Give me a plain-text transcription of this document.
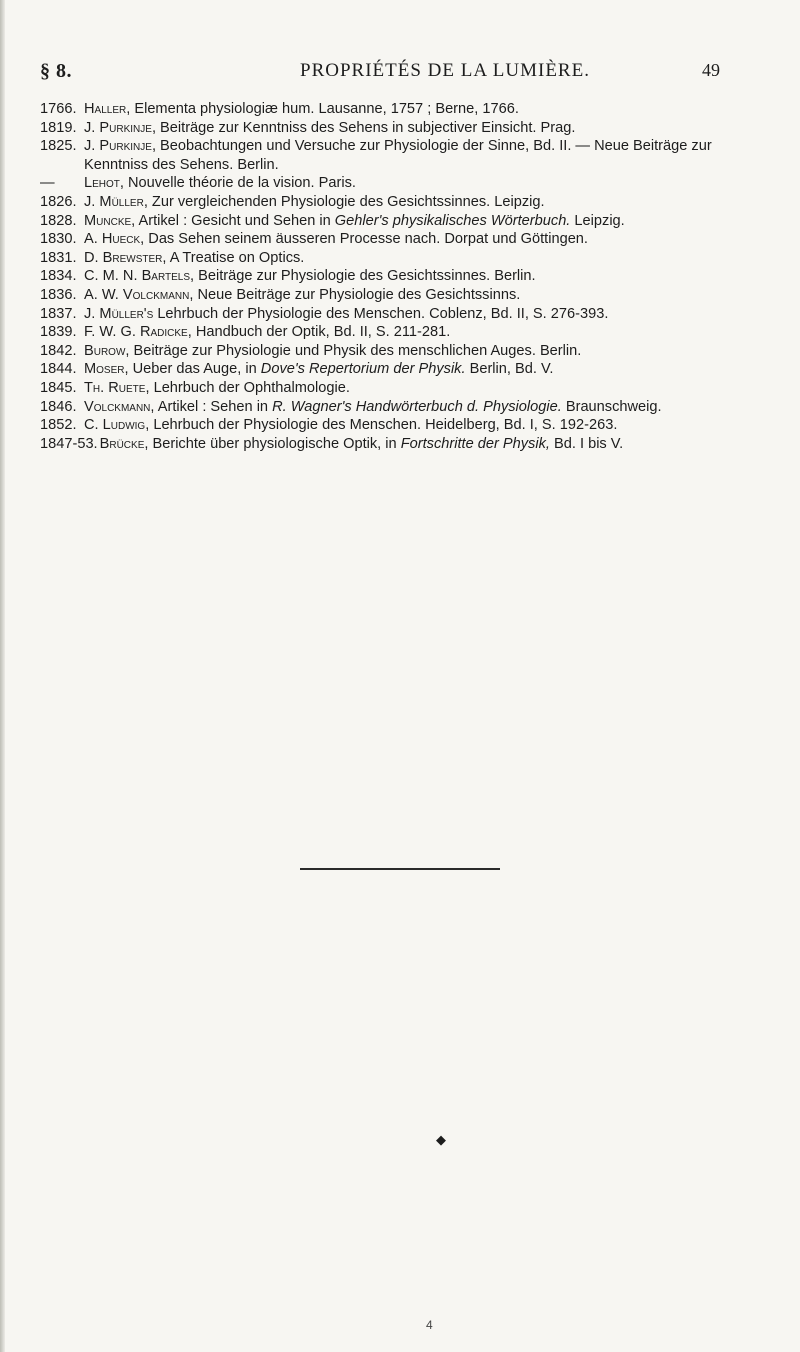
§ 8.	PROPRIÉTÉS DE LA LUMIÈRE.	49
1766. Haller, Elementa physiologiæ hum. Lausanne, 1757 ; Berne, 1766.
1819. J. Purkinje, Beiträge zur Kenntniss des Sehens in subjectiver Einsicht. Prag.
1825. J. Purkinje, Beobachtungen und Versuche zur Physiologie der Sinne, Bd. II. — Neue Beiträge zur Kenntniss des Sehens. Berlin.
—	Lehot, Nouvelle théorie de la vision. Paris.
1826. J. Müller, Zur vergleichenden Physiologie des Gesichtssinnes. Leipzig.
1828. Muncke, Artikel : Gesicht und Sehen in Gehler's physikalisches Wörterbuch. Leipzig.
1830. A. Hueck, Das Sehen seinem äusseren Processe nach. Dorpat und Göttingen.
1831. D. Brewster, A Treatise on Optics.
1834. C. M. N. Bartels, Beiträge zur Physiologie des Gesichtssinnes. Berlin.
1836. A. W. Volckmann, Neue Beiträge zur Physiologie des Gesichtssinns.
1837. J. Müller's Lehrbuch der Physiologie des Menschen. Coblenz, Bd. II, S. 276-393.
1839. F. W. G. Radicke, Handbuch der Optik, Bd. II, S. 211-281.
1842. Burow, Beiträge zur Physiologie und Physik des menschlichen Auges. Berlin.
1844. Moser, Ueber das Auge, in Dove's Repertorium der Physik. Berlin, Bd. V.
1845. Th. Ruete, Lehrbuch der Ophthalmologie.
1846. Volckmann, Artikel : Sehen in R. Wagner's Handwörterbuch d. Physiologie. Braunschweig.
1852. C. Ludwig, Lehrbuch der Physiologie des Menschen. Heidelberg, Bd. I, S. 192-263.
1847-53. Brücke, Berichte über physiologische Optik, in Fortschritte der Physik, Bd. I bis V.
◆
4
